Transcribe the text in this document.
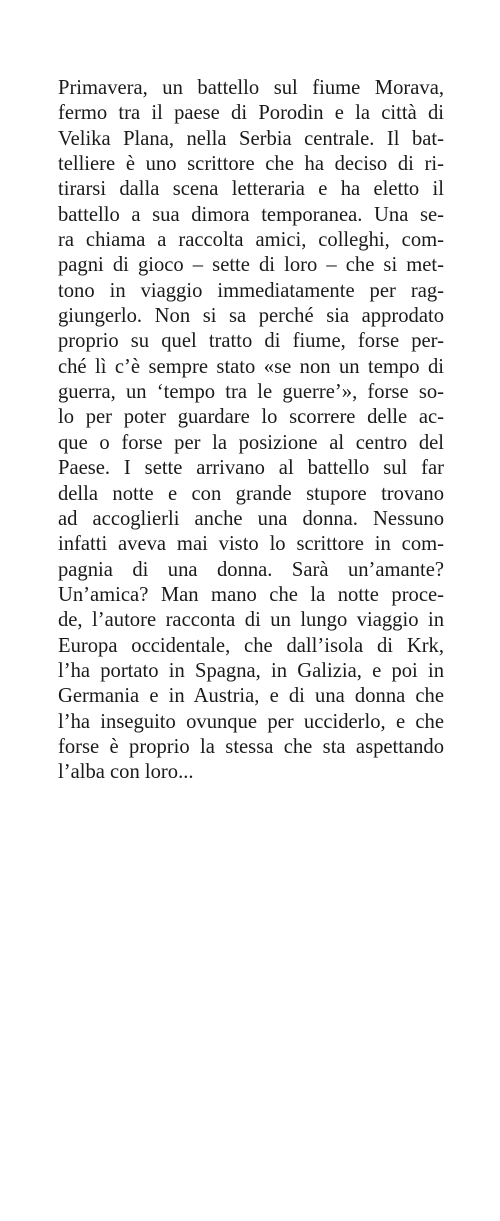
Primavera, un battello sul fiume Morava,
fermo tra il paese di Porodin e la città di
Velika Plana, nella Serbia centrale. Il bat-
telliere è uno scrittore che ha deciso di ri-
tirarsi dalla scena letteraria e ha eletto il
battello a sua dimora temporanea. Una se-
ra chiama a raccolta amici, colleghi, com-
pagni di gioco – sette di loro – che si met-
tono in viaggio immediatamente per rag-
giungerlo. Non si sa perché sia approdato
proprio su quel tratto di fiume, forse per-
ché lì c’è sempre stato «se non un tempo di
guerra, un ‘tempo tra le guerre’», forse so-
lo per poter guardare lo scorrere delle ac-
que o forse per la posizione al centro del
Paese. I sette arrivano al battello sul far
della notte e con grande stupore trovano
ad accoglierli anche una donna. Nessuno
infatti aveva mai visto lo scrittore in com-
pagnia di una donna. Sarà un’amante?
Un’amica? Man mano che la notte proce-
de, l’autore racconta di un lungo viaggio in
Europa occidentale, che dall’isola di Krk,
l’ha portato in Spagna, in Galizia, e poi in
Germania e in Austria, e di una donna che
l’ha inseguito ovunque per ucciderlo, e che
forse è proprio la stessa che sta aspettando
l’alba con loro...
